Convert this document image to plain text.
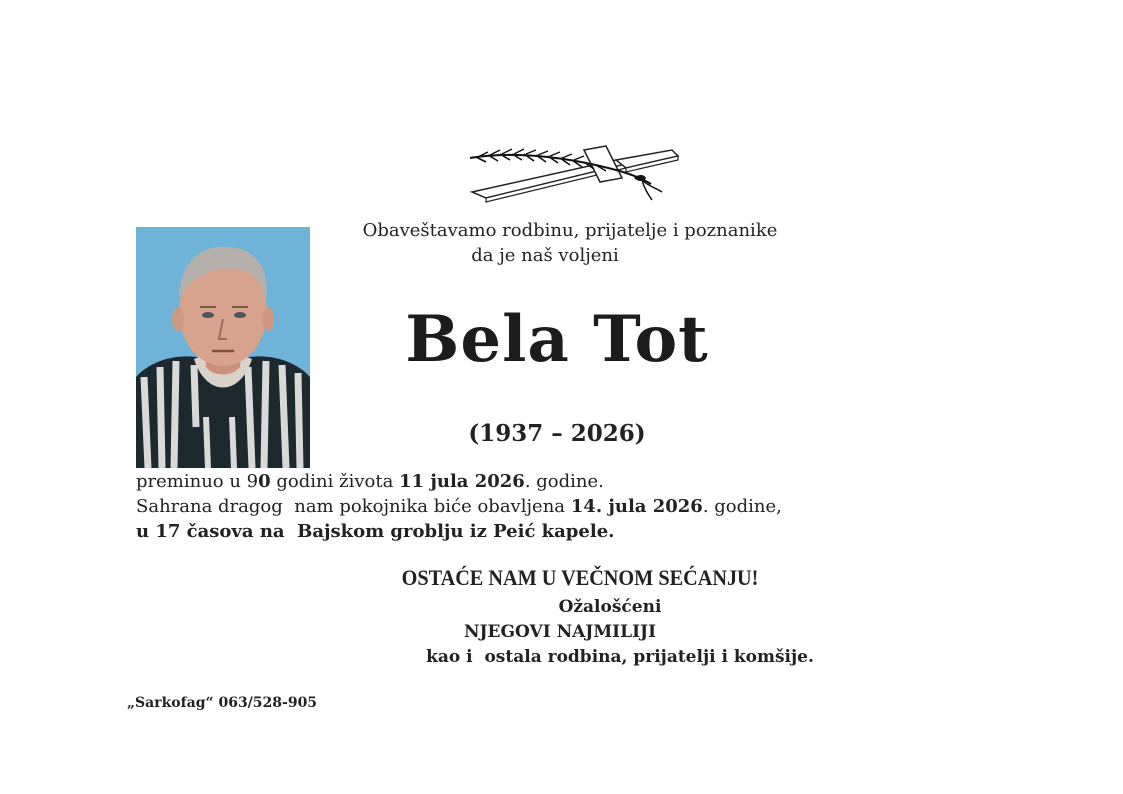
Obaveštavamo rodbinu, prijatelje i poznanike
da je naš voljeni
Bela Tot
(1937 – 2026)
preminuo u 90 godini života 11 jula 2026. godine.
Sahrana dragog  nam pokojnika biće obavljena 14. jula 2026. godine,
u 17 časova na  Bajskom groblju iz Peić kapele.
OSTAĆE NAM U VEČNOM SEĆANJU!
Ožalošćeni
NJEGOVI NAJMILIJI
kao i  ostala rodbina, prijatelji i komšije.
„Sarkofag“ 063/528-905
